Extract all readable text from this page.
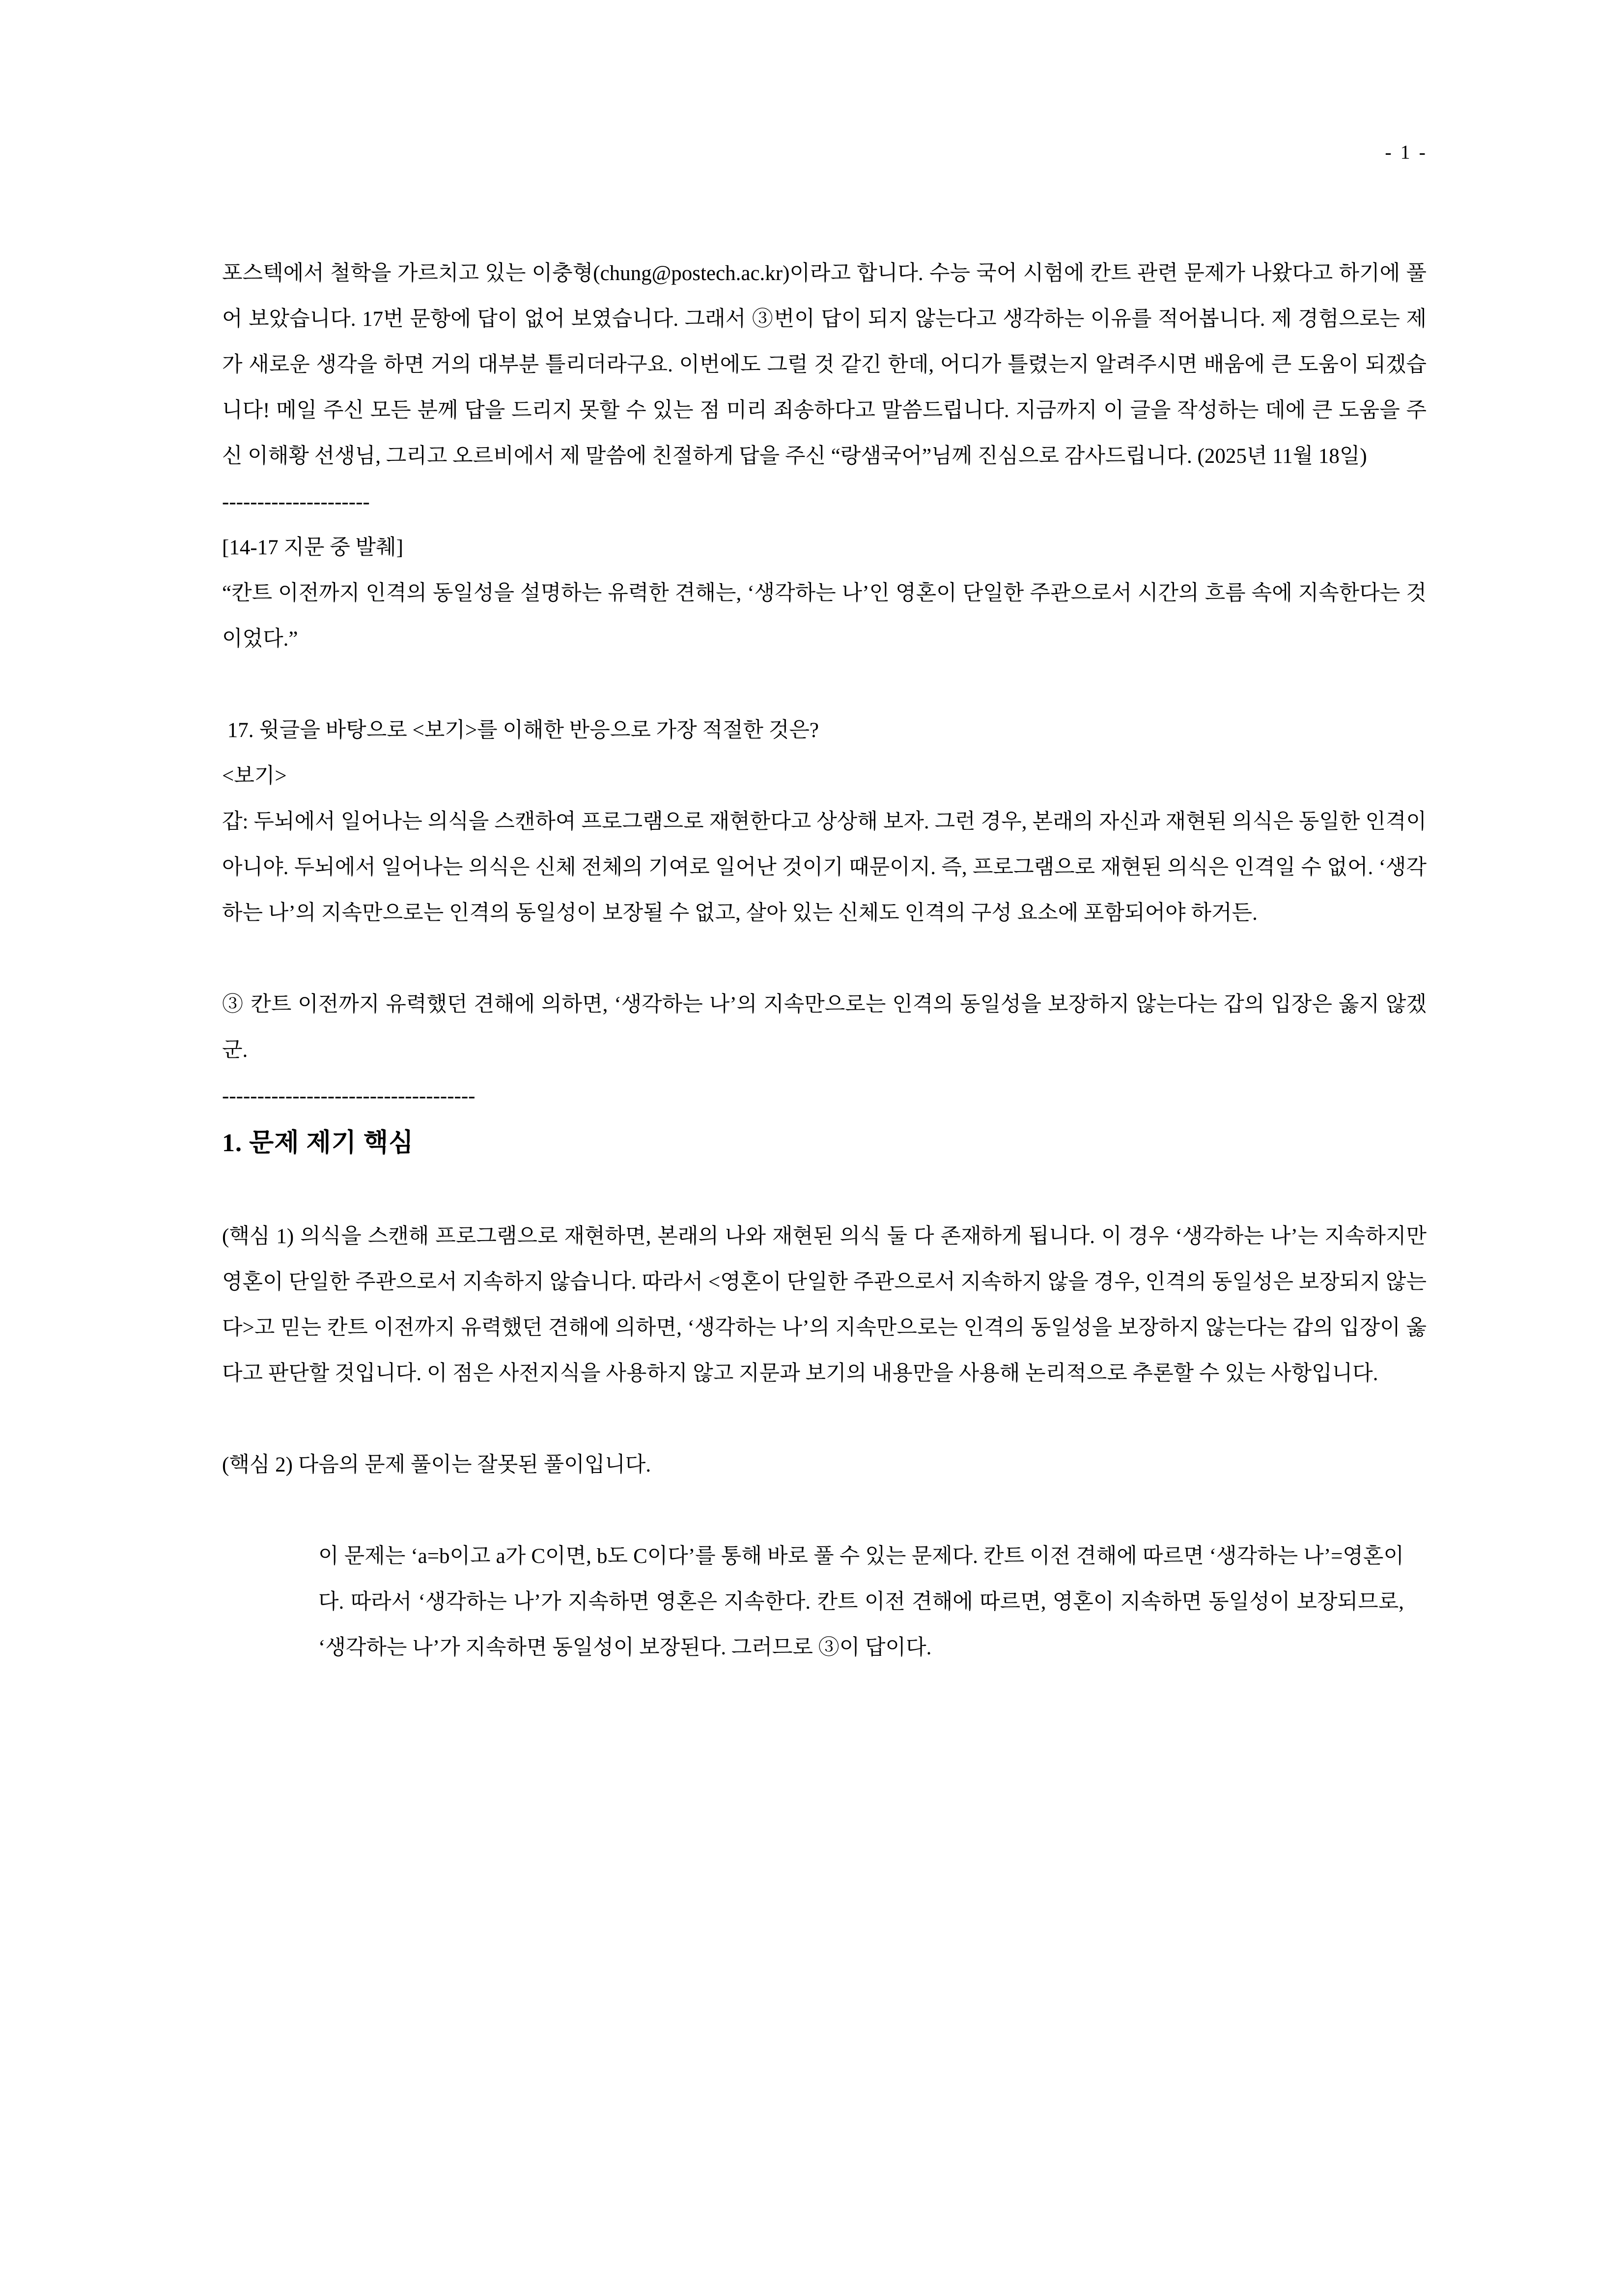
- 1 -

포스텍에서 철학을 가르치고 있는 이충형(chung@postech.ac.kr)이라고 합니다. 수능 국어 시험에 칸트 관련 문제가 나왔다고 하기에 풀어 보았습니다. 17번 문항에 답이 없어 보였습니다. 그래서 ③번이 답이 되지 않는다고 생각하는 이유를 적어봅니다. 제 경험으로는 제가 새로운 생각을 하면 거의 대부분 틀리더라구요. 이번에도 그럴 것 같긴 한데, 어디가 틀렸는지 알려주시면 배움에 큰 도움이 되겠습니다! 메일 주신 모든 분께 답을 드리지 못할 수 있는 점 미리 죄송하다고 말씀드립니다. 지금까지 이 글을 작성하는 데에 큰 도움을 주신 이해황 선생님, 그리고 오르비에서 제 말씀에 친절하게 답을 주신 “랑샘국어”님께 진심으로 감사드립니다. (2025년 11월 18일)

---------------------
[14-17 지문 중 발췌]

“칸트 이전까지 인격의 동일성을 설명하는 유력한 견해는, ‘생각하는 나’인 영혼이 단일한 주관으로서 시간의 흐름 속에 지속한다는 것이었다.”

17. 윗글을 바탕으로 <보기>를 이해한 반응으로 가장 적절한 것은?
<보기>

갑: 두뇌에서 일어나는 의식을 스캔하여 프로그램으로 재현한다고 상상해 보자. 그런 경우, 본래의 자신과 재현된 의식은 동일한 인격이 아니야. 두뇌에서 일어나는 의식은 신체 전체의 기여로 일어난 것이기 때문이지. 즉, 프로그램으로 재현된 의식은 인격일 수 없어. ‘생각하는 나’의 지속만으로는 인격의 동일성이 보장될 수 없고, 살아 있는 신체도 인격의 구성 요소에 포함되어야 하거든.

③ 칸트 이전까지 유력했던 견해에 의하면, ‘생각하는 나’의 지속만으로는 인격의 동일성을 보장하지 않는다는 갑의 입장은 옳지 않겠군.

------------------------------------
1. 문제 제기 핵심

(핵심 1) 의식을 스캔해 프로그램으로 재현하면, 본래의 나와 재현된 의식 둘 다 존재하게 됩니다. 이 경우 ‘생각하는 나’는 지속하지만 영혼이 단일한 주관으로서 지속하지 않습니다. 따라서 <영혼이 단일한 주관으로서 지속하지 않을 경우, 인격의 동일성은 보장되지 않는다>고 믿는 칸트 이전까지 유력했던 견해에 의하면, ‘생각하는 나’의 지속만으로는 인격의 동일성을 보장하지 않는다는 갑의 입장이 옳다고 판단할 것입니다. 이 점은 사전지식을 사용하지 않고 지문과 보기의 내용만을 사용해 논리적으로 추론할 수 있는 사항입니다.

(핵심 2) 다음의 문제 풀이는 잘못된 풀이입니다.

이 문제는 ‘a=b이고 a가 C이면, b도 C이다’를 통해 바로 풀 수 있는 문제다. 칸트 이전 견해에 따르면 ‘생각하는 나’=영혼이다. 따라서 ‘생각하는 나’가 지속하면 영혼은 지속한다. 칸트 이전 견해에 따르면, 영혼이 지속하면 동일성이 보장되므로, ‘생각하는 나’가 지속하면 동일성이 보장된다. 그러므로 ③이 답이다.
